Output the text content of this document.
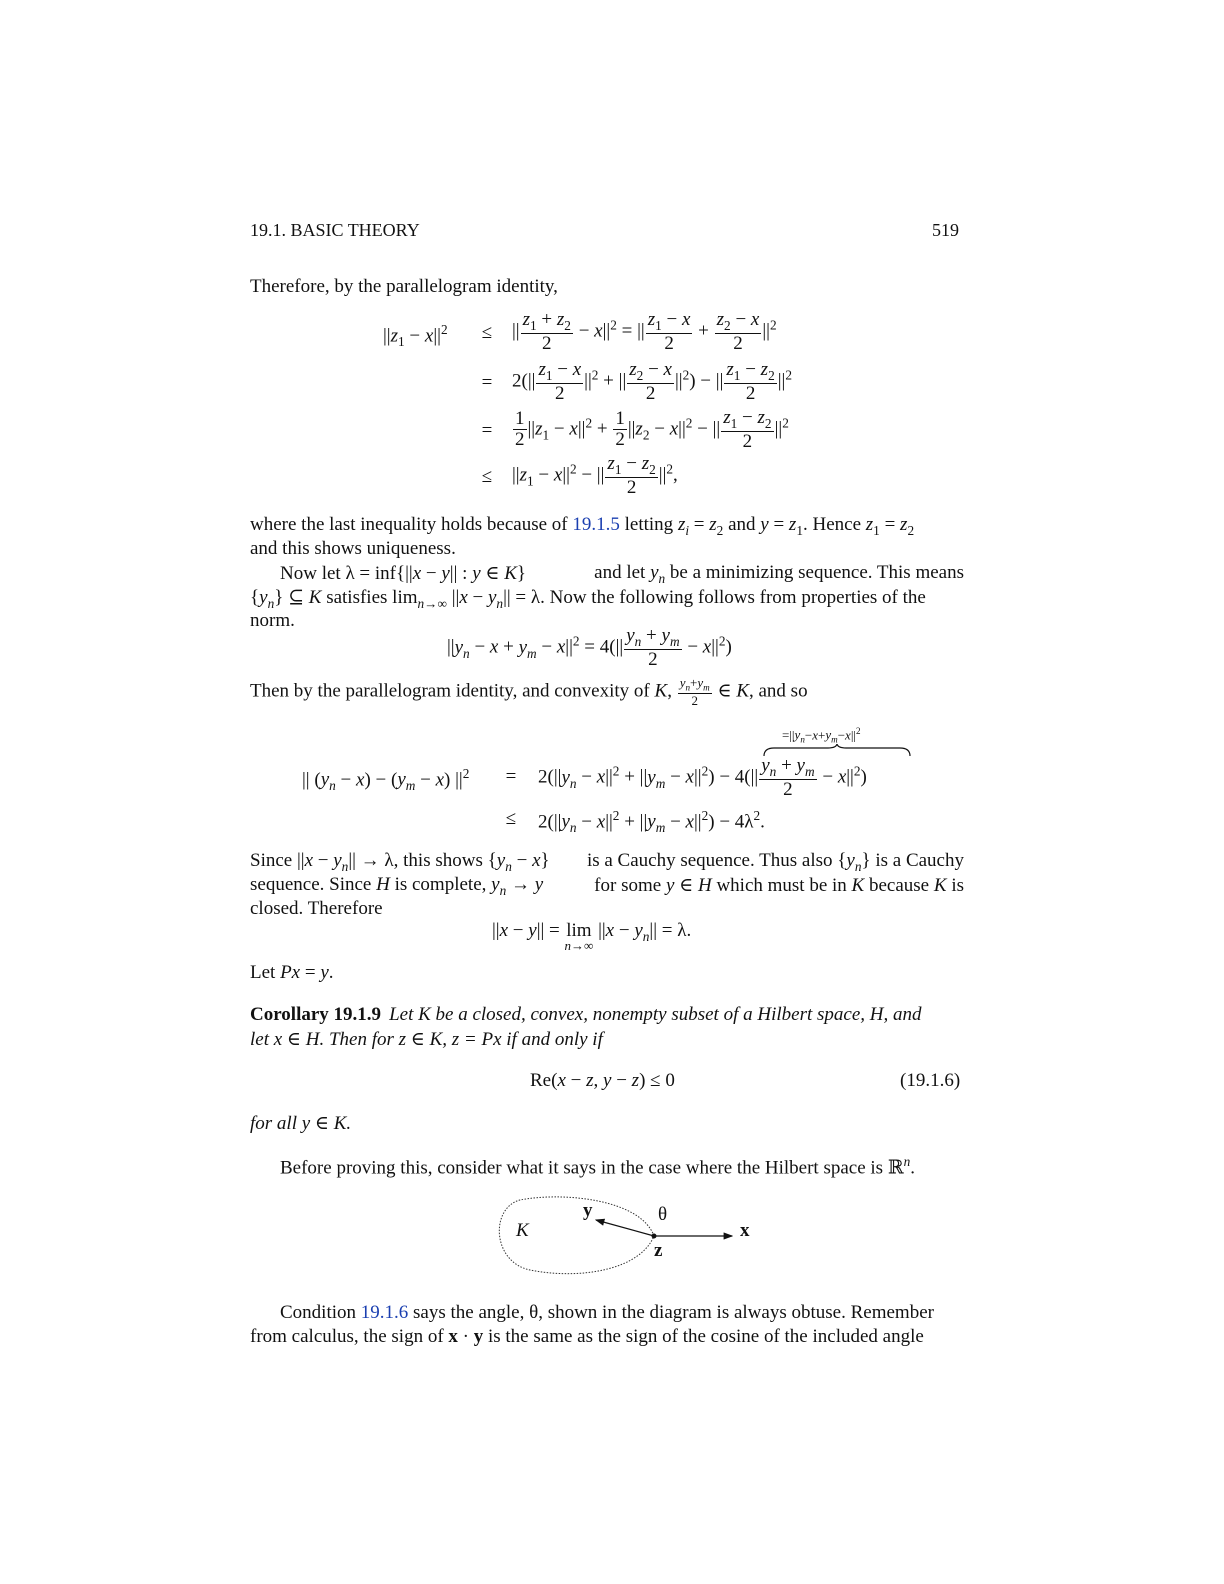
19.1. BASIC THEORY	519
Therefore, by the parallelogram identity,
$||z_1 - x||^2$	≤	|| $\frac{z_1 + z_2}{2} - x||^2$ = || $\frac{z_1 - x}{2} + \frac{z_2 - x}{2} ||^2$
=	$2(|| \frac{z_1 - x}{2} ||^2$ + || $\frac{z_2 - x}{2} ||^2$) − || $\frac{z_1 - z_2}{2} ||^2$
=	$\frac{1}{2} ||z_1 - x||^2 + \frac{1}{2} ||z_2 - x||^2$ − || $\frac{z_1 - z_2}{2} ||^2$
≤	$||z_1 - x||^2$ − || $\frac{z_1 - z_2}{2} ||^2$,
where the last inequality holds because of 19.1.5 letting $z_i = z_2$ and $y = z_1$. Hence $z_1 = z_2$
and this shows uniqueness.
Now let λ = inf{||x − y|| : y ∈ K}	and let $y_n$ be a minimizing sequence. This means
$\{y_n\}$ ⊆ K satisfies $\lim_{n\to\infty} ||x - y_n|| = \lambda$. Now the following follows from properties of the
norm.
$||y_n - x + y_m - x||^2 = 4(|| \frac{y_n + y_m}{2} - x||^2)$
Then by the parallelogram identity, and convexity of K, $\frac{y_n+y_m}{2}$ ∈ K, and so
$=||y_n-x+y_m-x||^2$
|| $(y_n - x) - (y_m - x)$ $||^2$	=	$2(||y_n - x||^2 + ||y_m - x||^2) - 4(|| \frac{y_n + y_m}{2} - x||^2)$
≤	$2(||y_n - x||^2 + ||y_m - x||^2) - 4\lambda^2$.
Since $||x - y_n|| \to \lambda$, this shows $\{y_n - x\}$ is a Cauchy sequence. Thus also $\{y_n\}$ is a Cauchy
sequence. Since H is complete, $y_n \to y$	for some y ∈ H which must be in K because K is
closed. Therefore
||x − y|| = lim
n→∞
$||x - y_n|| = \lambda$.
Let Px = y.
Corollary 19.1.9 Let K be a closed, convex, nonempty subset of a Hilbert space, H, and
let x ∈ H. Then for z ∈ K, z = Px if and only if
Re(x − z, y − z) ≤ 0	(19.1.6)
for all y ∈ K.
Before proving this, consider what it says in the case where the Hilbert space is ℝ$^n$.
K
y	θ
x
z
Condition 19.1.6 says the angle, θ, shown in the diagram is always obtuse. Remember
from calculus, the sign of x · y is the same as the sign of the cosine of the included angle
